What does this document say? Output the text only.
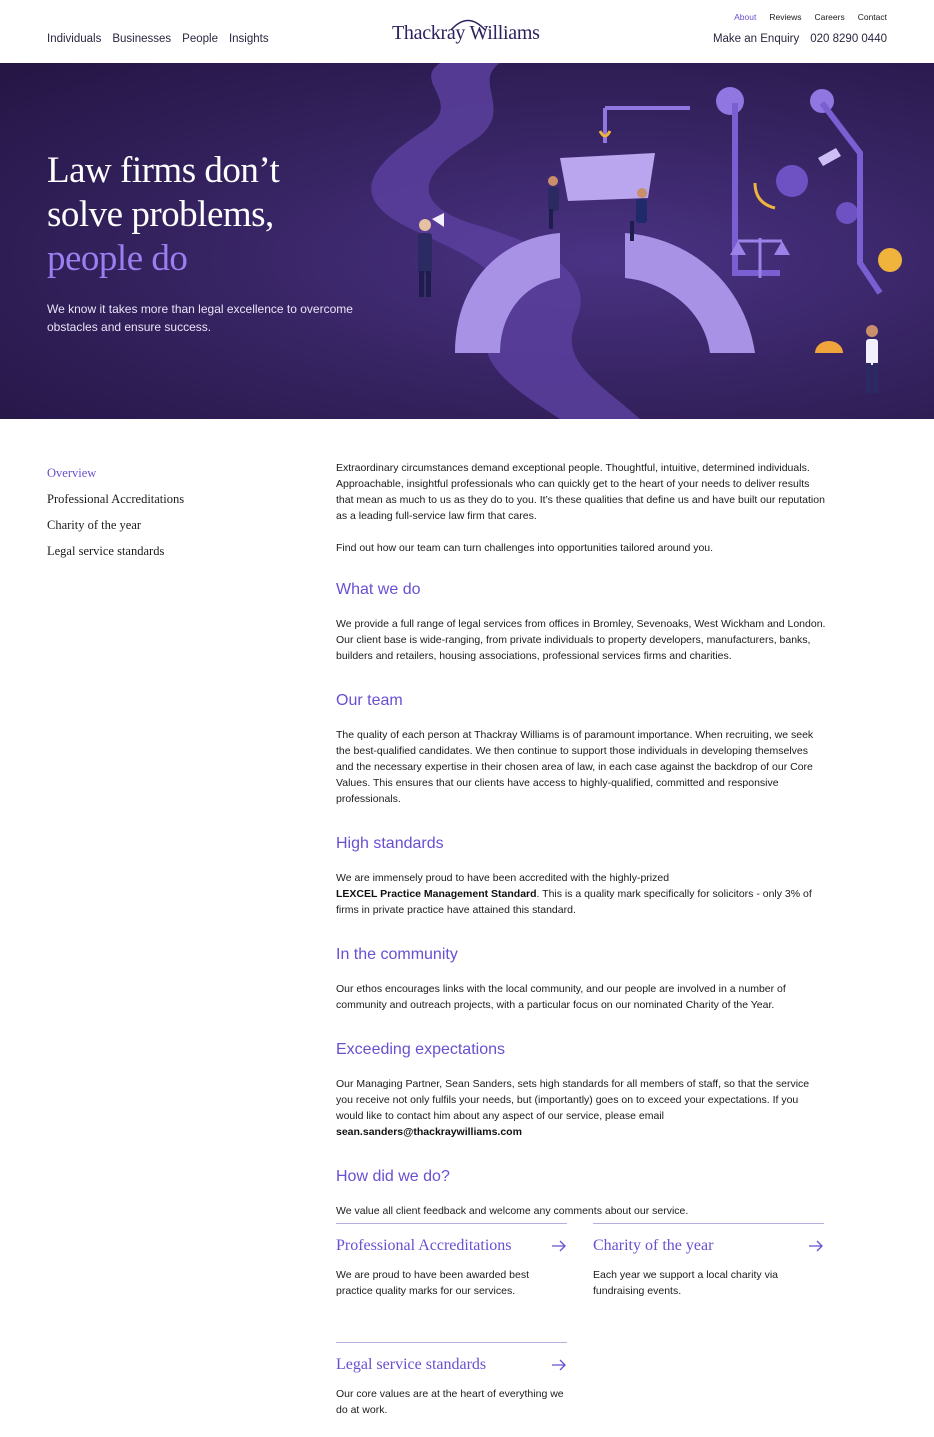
Individuals Businesses People Insights	Thackray Williams
About Reviews Careers Contact
Make an Enquiry 020 8290 0440
Law firms don’t
solve problems,
people do

We know it takes more than legal excellence to overcome obstacles and ensure success.

Overview
Professional Accreditations
Charity of the year
Legal service standards

Extraordinary circumstances demand exceptional people. Thoughtful, intuitive, determined individuals. Approachable, insightful professionals who can quickly get to the heart of your needs to deliver results that mean as much to us as they do to you. It’s these qualities that define us and have built our reputation as a leading full-service law firm that cares.

Find out how our team can turn challenges into opportunities tailored around you.

What we do

We provide a full range of legal services from offices in Bromley, Sevenoaks, West Wickham and London. Our client base is wide-ranging, from private individuals to property developers, manufacturers, banks, builders and retailers, housing associations, professional services firms and charities.

Our team

The quality of each person at Thackray Williams is of paramount importance. When recruiting, we seek the best-qualified candidates. We then continue to support those individuals in developing themselves and the necessary expertise in their chosen area of law, in each case against the backdrop of our Core Values. This ensures that our clients have access to highly-qualified, committed and responsive professionals.

High standards

We are immensely proud to have been accredited with the highly-prized
LEXCEL Practice Management Standard. This is a quality mark specifically for solicitors - only 3% of firms in private practice have attained this standard.

In the community

Our ethos encourages links with the local community, and our people are involved in a number of community and outreach projects, with a particular focus on our nominated Charity of the Year.

Exceeding expectations

Our Managing Partner, Sean Sanders, sets high standards for all members of staff, so that the service you receive not only fulfils your needs, but (importantly) goes on to exceed your expectations. If you would like to contact him about any aspect of our service, please email sean.sanders@thackraywilliams.com

How did we do?

We value all client feedback and welcome any comments about our service.

Professional Accreditations

We are proud to have been awarded best practice quality marks for our services.

Charity of the year

Each year we support a local charity via fundraising events.

Legal service standards

Our core values are at the heart of everything we do at work.
